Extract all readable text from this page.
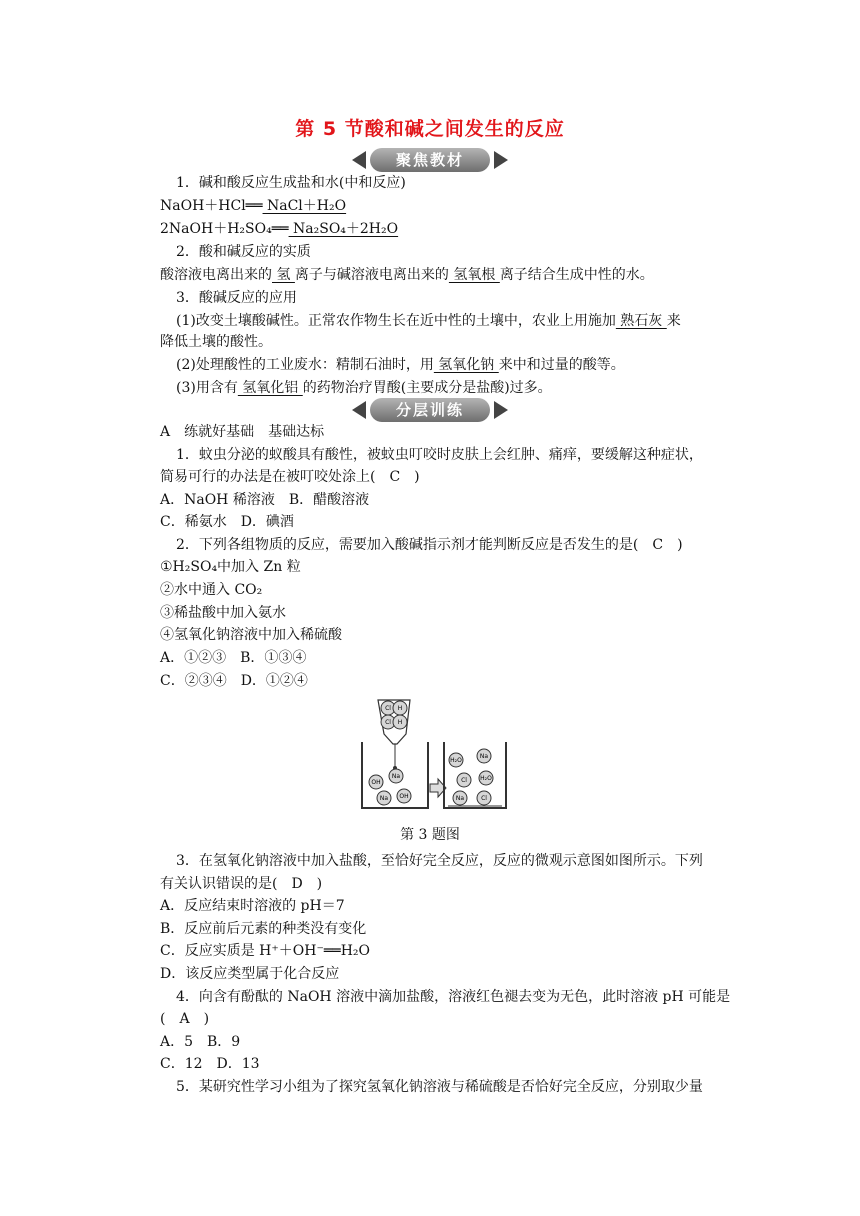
第 5 节酸和碱之间发生的反应
聚焦教材
1．碱和酸反应生成盐和水(中和反应)
NaOH＋HCl══ NaCl＋H₂O
2NaOH＋H₂SO₄══ Na₂SO₄＋2H₂O
2．酸和碱反应的实质
酸溶液电离出来的 氢 离子与碱溶液电离出来的 氢氧根 离子结合生成中性的水。
3．酸碱反应的应用
(1)改变土壤酸碱性。正常农作物生长在近中性的土壤中，农业上用施加 熟石灰 来
降低土壤的酸性。
(2)处理酸性的工业废水：精制石油时，用 氢氧化钠 来中和过量的酸等。
(3)用含有 氢氧化铝 的药物治疗胃酸(主要成分是盐酸)过多。
分层训练
A　练就好基础　基础达标
1．蚊虫分泌的蚁酸具有酸性，被蚊虫叮咬时皮肤上会红肿、痛痒，要缓解这种症状，
简易可行的办法是在被叮咬处涂上(　C　)
A．NaOH 稀溶液　B．醋酸溶液
C．稀氨水　D．碘酒
2．下列各组物质的反应，需要加入酸碱指示剂才能判断反应是否发生的是(　C　)
①H₂SO₄中加入 Zn 粒
②水中通入 CO₂
③稀盐酸中加入氨水
④氢氧化钠溶液中加入稀硫酸
A．①②③　B．①③④
C．②③④　D．①②④
Cl H
Cl H
OH
Na
Na OH
H₂O
Na
Cl H₂O
Na	Cl
第 3 题图
3．在氢氧化钠溶液中加入盐酸，至恰好完全反应，反应的微观示意图如图所示。下列
有关认识错误的是(　D　)
A．反应结束时溶液的 pH＝7
B．反应前后元素的种类没有变化
C．反应实质是 H⁺＋OH⁻══H₂O
D．该反应类型属于化合反应
4．向含有酚酞的 NaOH 溶液中滴加盐酸，溶液红色褪去变为无色，此时溶液 pH 可能是
(　A　)
A．5　B．9
C．12　D．13
5．某研究性学习小组为了探究氢氧化钠溶液与稀硫酸是否恰好完全反应，分别取少量
